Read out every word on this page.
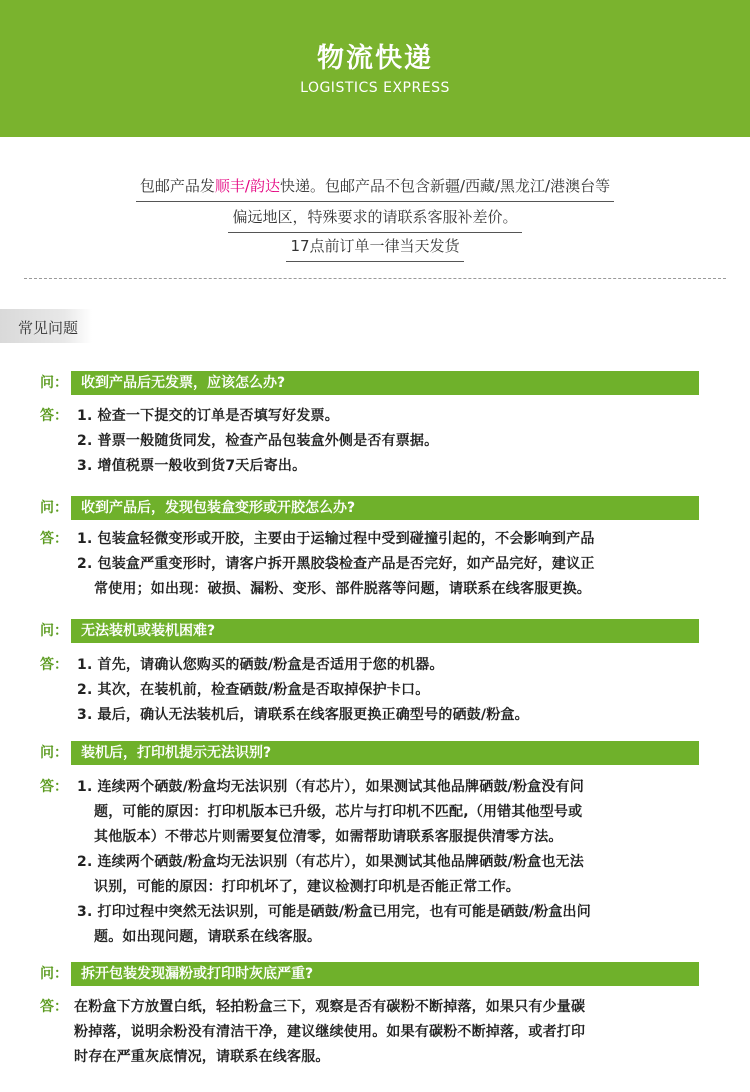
物流快递
LOGISTICS EXPRESS
包邮产品发顺丰/韵达快递。包邮产品不包含新疆/西藏/黑龙江/港澳台等
偏远地区，特殊要求的请联系客服补差价。
17点前订单一律当天发货
常见问题
问： 收到产品后无发票，应该怎么办?
答： 1. 检查一下提交的订单是否填写好发票。
2. 普票一般随货同发，检查产品包装盒外侧是否有票据。
3. 增值税票一般收到货7天后寄出。
问： 收到产品后，发现包装盒变形或开胶怎么办?
答： 1. 包装盒轻微变形或开胶，主要由于运输过程中受到碰撞引起的，不会影响到产品
2. 包装盒严重变形时，请客户拆开黑胶袋检查产品是否完好，如产品完好，建议正
常使用；如出现：破损、漏粉、变形、部件脱落等问题，请联系在线客服更换。
问： 无法装机或装机困难?
答： 1. 首先，请确认您购买的硒鼓/粉盒是否适用于您的机器。
2. 其次，在装机前，检查硒鼓/粉盒是否取掉保护卡口。
3. 最后，确认无法装机后，请联系在线客服更换正确型号的硒鼓/粉盒。
问： 装机后，打印机提示无法识别?
答： 1. 连续两个硒鼓/粉盒均无法识别（有芯片），如果测试其他品牌硒鼓/粉盒没有问
题，可能的原因：打印机版本已升级，芯片与打印机不匹配,（用错其他型号或
其他版本）不带芯片则需要复位清零，如需帮助请联系客服提供清零方法。
2. 连续两个硒鼓/粉盒均无法识别（有芯片），如果测试其他品牌硒鼓/粉盒也无法
识别，可能的原因：打印机坏了，建议检测打印机是否能正常工作。
3. 打印过程中突然无法识别，可能是硒鼓/粉盒已用完，也有可能是硒鼓/粉盒出问
题。如出现问题，请联系在线客服。
问： 拆开包装发现漏粉或打印时灰底严重?
答： 在粉盒下方放置白纸，轻拍粉盒三下，观察是否有碳粉不断掉落，如果只有少量碳
粉掉落，说明余粉没有清洁干净，建议继续使用。如果有碳粉不断掉落，或者打印
时存在严重灰底情况，请联系在线客服。
